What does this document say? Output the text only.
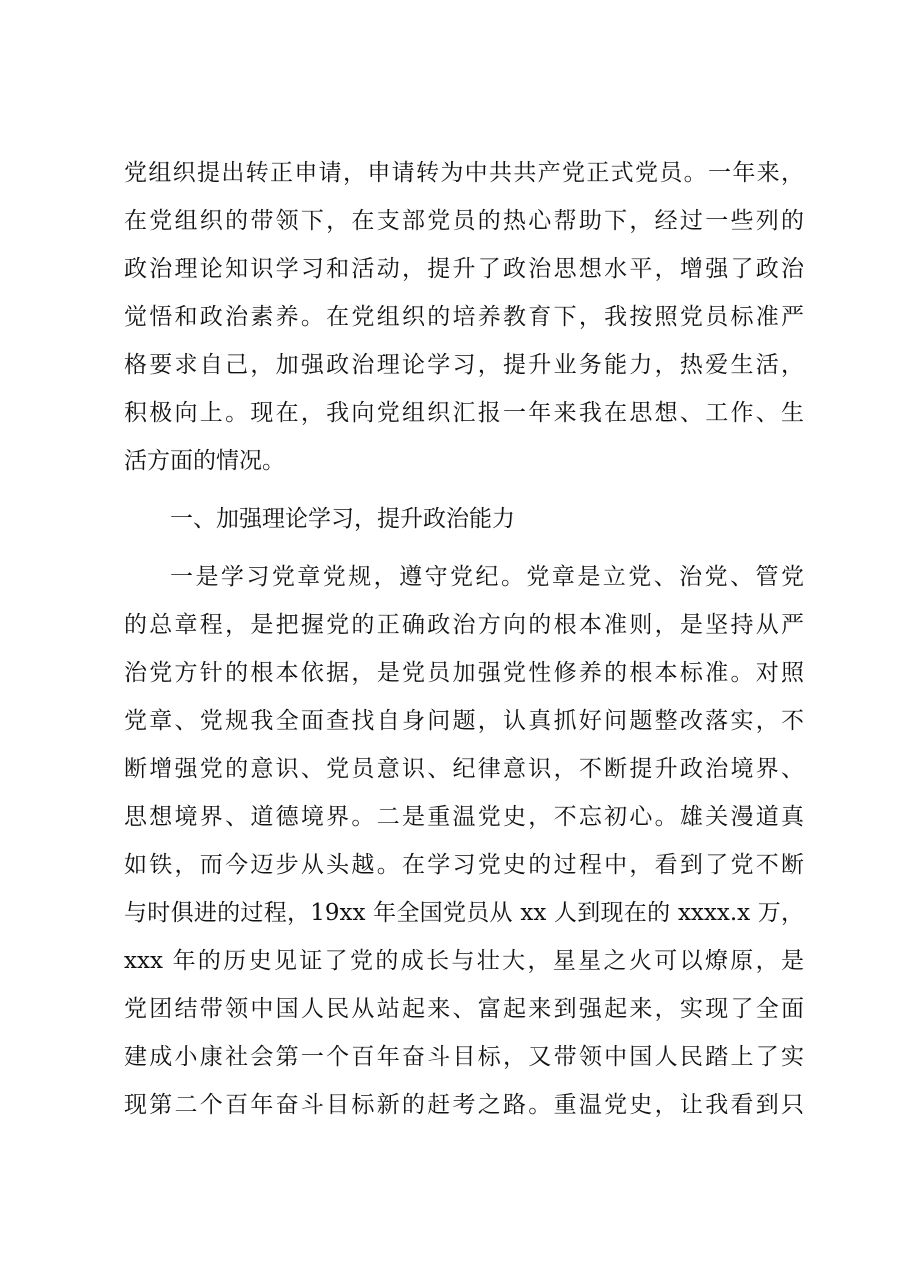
党组织提出转正申请，申请转为中共共产党正式党员。一年来，
在党组织的带领下，在支部党员的热心帮助下，经过一些列的
政治理论知识学习和活动，提升了政治思想水平，增强了政治
觉悟和政治素养。在党组织的培养教育下，我按照党员标准严
格要求自己，加强政治理论学习，提升业务能力，热爱生活，
积极向上。现在，我向党组织汇报一年来我在思想、工作、生
活方面的情况。
一、加强理论学习，提升政治能力
一是学习党章党规，遵守党纪。党章是立党、治党、管党
的总章程，是把握党的正确政治方向的根本准则，是坚持从严
治党方针的根本依据，是党员加强党性修养的根本标准。对照
党章、党规我全面查找自身问题，认真抓好问题整改落实，不
断增强党的意识、党员意识、纪律意识，不断提升政治境界、
思想境界、道德境界。二是重温党史，不忘初心。雄关漫道真
如铁，而今迈步从头越。在学习党史的过程中，看到了党不断
与时俱进的过程，19xx 年全国党员从 xx 人到现在的 xxxx.x 万，
xxx 年的历史见证了党的成长与壮大，星星之火可以燎原，是
党团结带领中国人民从站起来、富起来到强起来，实现了全面
建成小康社会第一个百年奋斗目标，又带领中国人民踏上了实
现第二个百年奋斗目标新的赶考之路。重温党史，让我看到只
